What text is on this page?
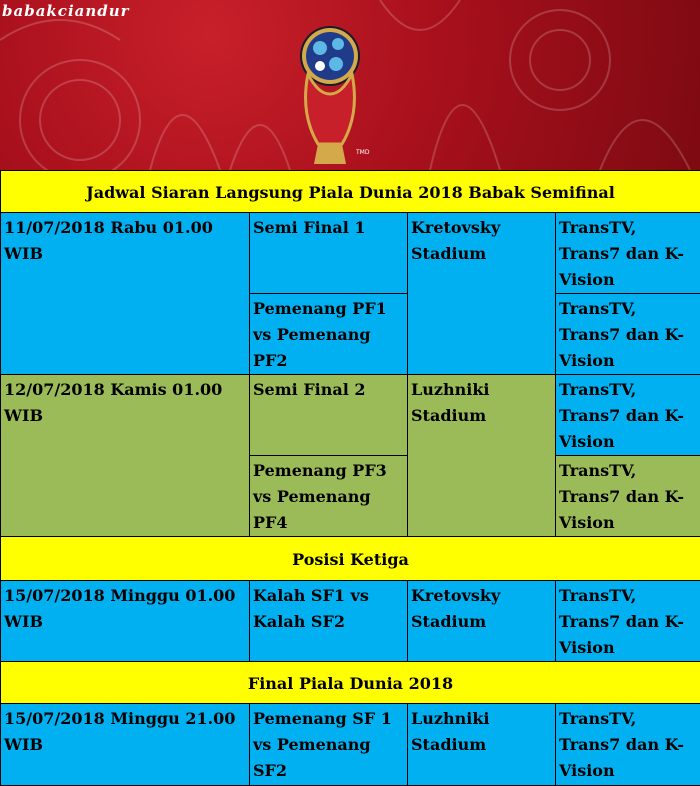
babakciandur
TMD
Jadwal Siaran Langsung Piala Dunia 2018 Babak Semifinal			
11/07/2018 Rabu 01.00 WIB	Semi Final 1	Kretovsky Stadium	TransTV, Trans7 dan K-Vision
	Pemenang PF1 vs Pemenang PF2		TransTV, Trans7 dan K-Vision
12/07/2018 Kamis 01.00 WIB	Semi Final 2	Luzhniki Stadium	TransTV, Trans7 dan K-Vision
	Pemenang PF3 vs Pemenang PF4		TransTV, Trans7 dan K-Vision
Posisi Ketiga			
15/07/2018 Minggu 01.00 WIB	Kalah SF1 vs Kalah SF2	Kretovsky Stadium	TransTV, Trans7 dan K-Vision
Final Piala Dunia 2018			
15/07/2018 Minggu 21.00 WIB	Pemenang SF 1 vs Pemenang SF2	Luzhniki Stadium	TransTV, Trans7 dan K-Vision
